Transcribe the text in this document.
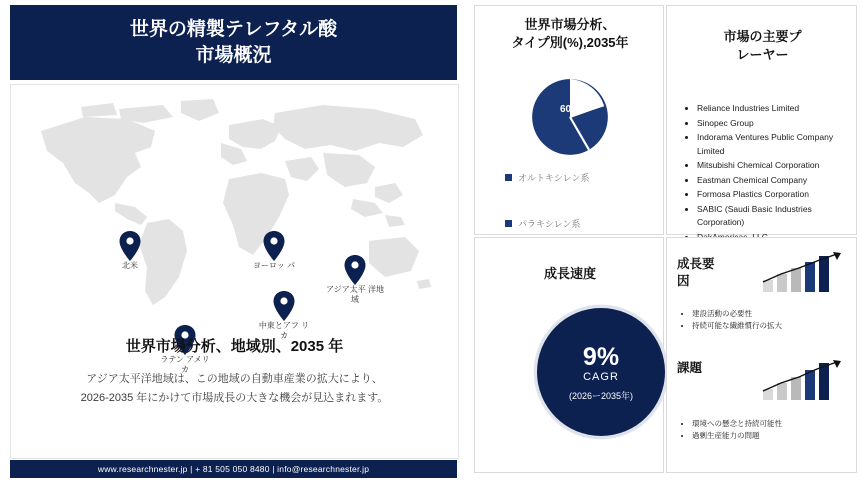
世界の精製テレフタル酸
市場概況
北米	ヨーロッ パ
アジア太平 洋地域
中東とアフ リカ
ラテン アメリ カ
世界市場分析、地域別、2035 年
アジア太平洋地域は、この地域の自動車産業の拡大により、
2026-2035 年にかけて市場成長の大きな機会が見込まれます。
www.researchnester.jp | + 81 505 050 8480 | info@researchnester.jp
世界市場分析、
タイプ別(%),2035年
60%
オルトキシレン系
パラキシレン系
市場の主要プ
レーヤー
• Reliance Industries Limited
• Sinopec Group
• Indorama Ventures Public Company Limited
• Mitsubishi Chemical Corporation
• Eastman Chemical Company
• Formosa Plastics Corporation
• SABIC (Saudi Basic Industries Corporation)
•
成長速度
9%
CAGR
(2026ー2035年)
成長要
因
• 建設活動の必要性
• 持続可能な繊維慣行の拡大
課題
• 環境への懸念と持続可能性
• 過剰生産能力の問題
